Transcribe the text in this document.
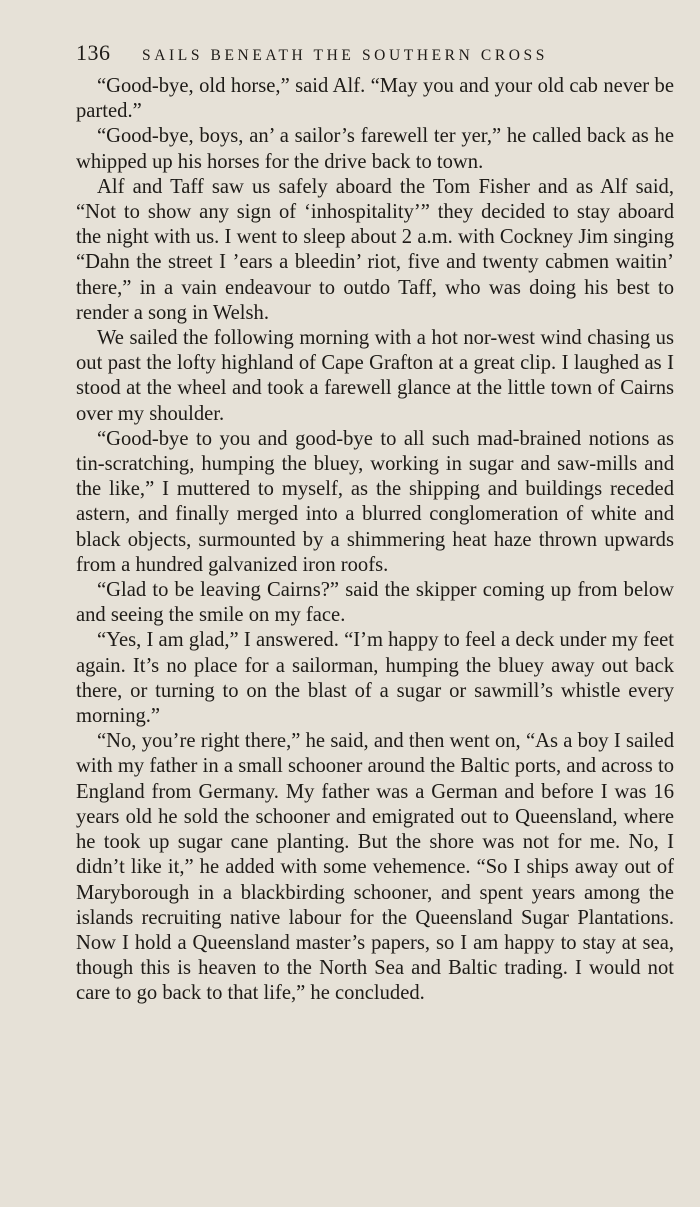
136	SAILS BENEATH THE SOUTHERN CROSS

“Good-bye, old horse,” said Alf. “May you and your old cab never be parted.”

“Good-bye, boys, an’ a sailor’s farewell ter yer,” he called back as he whipped up his horses for the drive back to town.

Alf and Taff saw us safely aboard the Tom Fisher and as Alf said, “Not to show any sign of ‘inhospitality’” they decided to stay aboard the night with us. I went to sleep about 2 a.m. with Cockney Jim singing “Dahn the street I ’ears a bleedin’ riot, five and twenty cabmen waitin’ there,” in a vain endeavour to outdo Taff, who was doing his best to render a song in Welsh.

We sailed the following morning with a hot nor-west wind chasing us out past the lofty highland of Cape Grafton at a great clip. I laughed as I stood at the wheel and took a farewell glance at the little town of Cairns over my shoulder.

“Good-bye to you and good-bye to all such mad-brained notions as tin-scratching, humping the bluey, working in sugar and saw-mills and the like,” I muttered to myself, as the shipping and buildings receded astern, and finally merged into a blurred conglomeration of white and black objects, surmounted by a shimmering heat haze thrown upwards from a hundred galvanized iron roofs.

“Glad to be leaving Cairns?” said the skipper coming up from below and seeing the smile on my face.

“Yes, I am glad,” I answered. “I’m happy to feel a deck under my feet again. It’s no place for a sailorman, humping the bluey away out back there, or turning to on the blast of a sugar or sawmill’s whistle every morning.”

“No, you’re right there,” he said, and then went on, “As a boy I sailed with my father in a small schooner around the Baltic ports, and across to England from Germany. My father was a German and before I was 16 years old he sold the schooner and emigrated out to Queensland, where he took up sugar cane planting. But the shore was not for me. No, I didn’t like it,” he added with some vehemence. “So I ships away out of Maryborough in a blackbirding schooner, and spent years among the islands recruiting native labour for the Queensland Sugar Plantations. Now I hold a Queensland master’s papers, so I am happy to stay at sea, though this is heaven to the North Sea and Baltic trading. I would not care to go back to that life,” he concluded.
